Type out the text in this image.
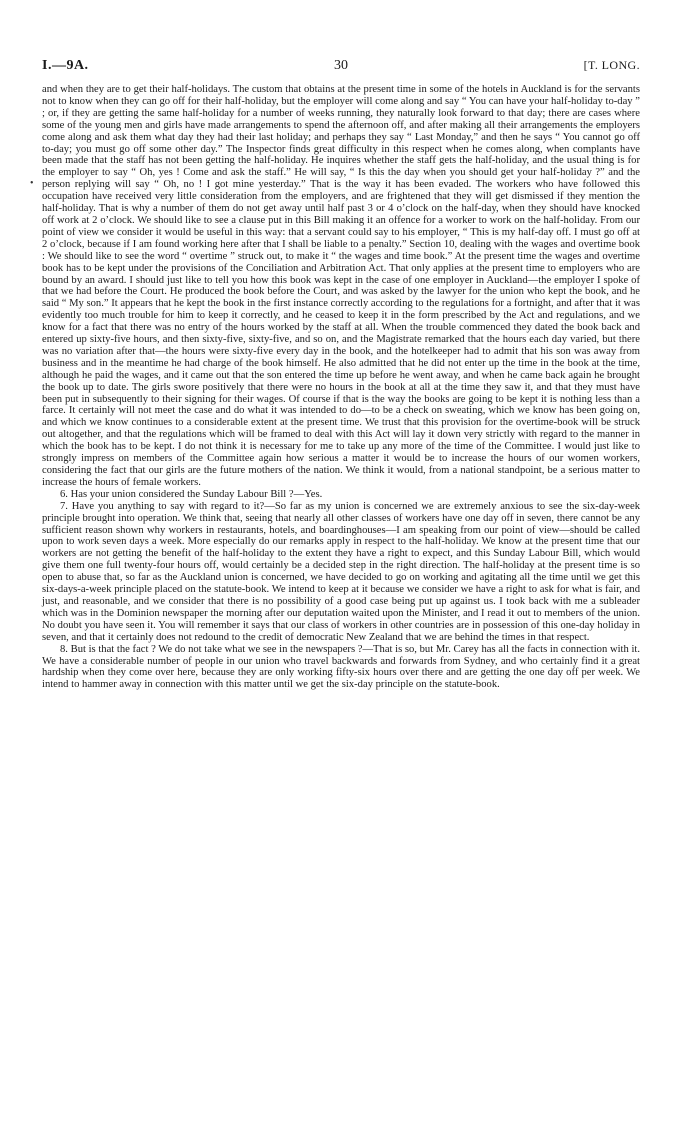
I.—9A.	30	[T. LONG.
•

and when they are to get their half-holidays. The custom that obtains at the present time in some of the hotels in Auckland is for the servants not to know when they can go off for their half-holiday, but the employer will come along and say “ You can have your half-holiday to-day ” ; or, if they are getting the same half-holiday for a number of weeks running, they naturally look forward to that day; there are cases where some of the young men and girls have made arrangements to spend the afternoon off, and after making all their arrangements the employers come along and ask them what day they had their last holiday; and perhaps they say “ Last Monday,” and then he says “ You cannot go off to-day; you must go off some other day.” The Inspector finds great difficulty in this respect when he comes along, when complants have been made that the staff has not been getting the half-holiday. He inquires whether the staff gets the half-holiday, and the usual thing is for the employer to say “ Oh, yes ! Come and ask the staff.” He will say, “ Is this the day when you should get your half-holiday ?” and the person replying will say “ Oh, no ! I got mine yesterday.” That is the way it has been evaded. The workers who have followed this occupation have received very little consideration from the employers, and are frightened that they will get dismissed if they mention the half-holiday. That is why a number of them do not get away until half past 3 or 4 o’clock on the half-day, when they should have knocked off work at 2 o’clock. We should like to see a clause put in this Bill making it an offence for a worker to work on the half-holiday. From our point of view we consider it would be useful in this way: that a servant could say to his employer, “ This is my half-day off. I must go off at 2 o’clock, because if I am found working here after that I shall be liable to a penalty.” Section 10, dealing with the wages and overtime book : We should like to see the word “ overtime ” struck out, to make it “ the wages and time book.” At the present time the wages and overtime book has to be kept under the provisions of the Conciliation and Arbitration Act. That only applies at the present time to employers who are bound by an award. I should just like to tell you how this book was kept in the case of one employer in Auckland—the employer I spoke of that we had before the Court. He produced the book before the Court, and was asked by the lawyer for the union who kept the book, and he said “ My son.” It appears that he kept the book in the first instance correctly according to the regulations for a fortnight, and after that it was evidently too much trouble for him to keep it correctly, and he ceased to keep it in the form prescribed by the Act and regulations, and we know for a fact that there was no entry of the hours worked by the staff at all. When the trouble commenced they dated the book back and entered up sixty-five hours, and then sixty-five, sixty-five, and so on, and the Magistrate remarked that the hours each day varied, but there was no variation after that—the hours were sixty-five every day in the book, and the hotelkeeper had to admit that his son was away from business and in the meantime he had charge of the book himself. He also admitted that he did not enter up the time in the book at the time, although he paid the wages, and it came out that the son entered the time up before he went away, and when he came back again he brought the book up to date. The girls swore positively that there were no hours in the book at all at the time they saw it, and that they must have been put in subsequently to their signing for their wages. Of course if that is the way the books are going to be kept it is nothing less than a farce. It certainly will not meet the case and do what it was intended to do—to be a check on sweating, which we know has been going on, and which we know continues to a considerable extent at the present time. We trust that this provision for the overtime-book will be struck out altogether, and that the regulations which will be framed to deal with this Act will lay it down very strictly with regard to the manner in which the book has to be kept. I do not think it is necessary for me to take up any more of the time of the Committee. I would just like to strongly impress on members of the Committee again how serious a matter it would be to increase the hours of our women workers, considering the fact that our girls are the future mothers of the nation. We think it would, from a national standpoint, be a serious matter to increase the hours of female workers.

6. Has your union considered the Sunday Labour Bill ?—Yes.

7. Have you anything to say with regard to it?—So far as my union is concerned we are extremely anxious to see the six-day-week principle brought into operation. We think that, seeing that nearly all other classes of workers have one day off in seven, there cannot be any sufficient reason shown why workers in restaurants, hotels, and boardinghouses—I am speaking from our point of view—should be called upon to work seven days a week. More especially do our remarks apply in respect to the half-holiday. We know at the present time that our workers are not getting the benefit of the half-holiday to the extent they have a right to expect, and this Sunday Labour Bill, which would give them one full twenty-four hours off, would certainly be a decided step in the right direction. The half-holiday at the present time is so open to abuse that, so far as the Auckland union is concerned, we have decided to go on working and agitating all the time until we get this six-days-a-week principle placed on the statute-book. We intend to keep at it because we consider we have a right to ask for what is fair, and just, and reasonable, and we consider that there is no possibility of a good case being put up against us. I took back with me a subleader which was in the Dominion newspaper the morning after our deputation waited upon the Minister, and I read it out to members of the union. No doubt you have seen it. You will remember it says that our class of workers in other countries are in possession of this one-day holiday in seven, and that it certainly does not redound to the credit of democratic New Zealand that we are behind the times in that respect.

8. But is that the fact ? We do not take what we see in the newspapers ?—That is so, but Mr. Carey has all the facts in connection with it. We have a considerable number of people in our union who travel backwards and forwards from Sydney, and who certainly find it a great hardship when they come over here, because they are only working fifty-six hours over there and are getting the one day off per week. We intend to hammer away in connection with this matter until we get the six-day principle on the statute-book.
